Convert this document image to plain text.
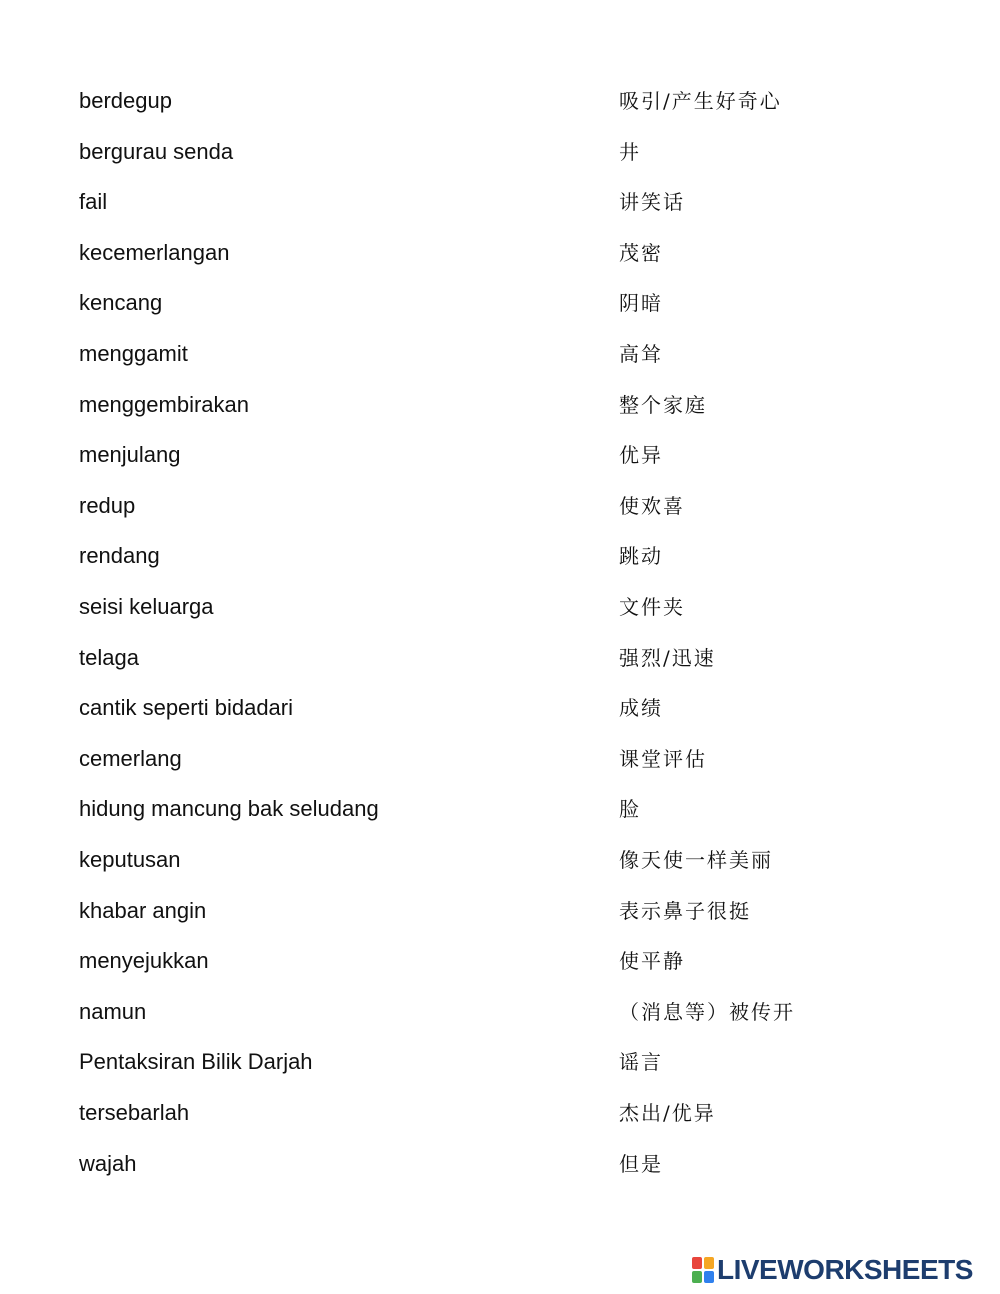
berdegup	吸引/产生好奇心
bergurau senda	井
fail	讲笑话
kecemerlangan	茂密
kencang	阴暗
menggamit	高耸
menggembirakan	整个家庭
menjulang	优异
redup	使欢喜
rendang	跳动
seisi keluarga	文件夹
telaga	强烈/迅速
cantik seperti bidadari	成绩
cemerlang	课堂评估
hidung mancung bak seludang	脸
keputusan	像天使一样美丽
khabar angin	表示鼻子很挺
menyejukkan	使平静
namun	（消息等）被传开
Pentaksiran Bilik Darjah	谣言
tersebarlah	杰出/优异
wajah	但是
LIVEWORKSHEETS
